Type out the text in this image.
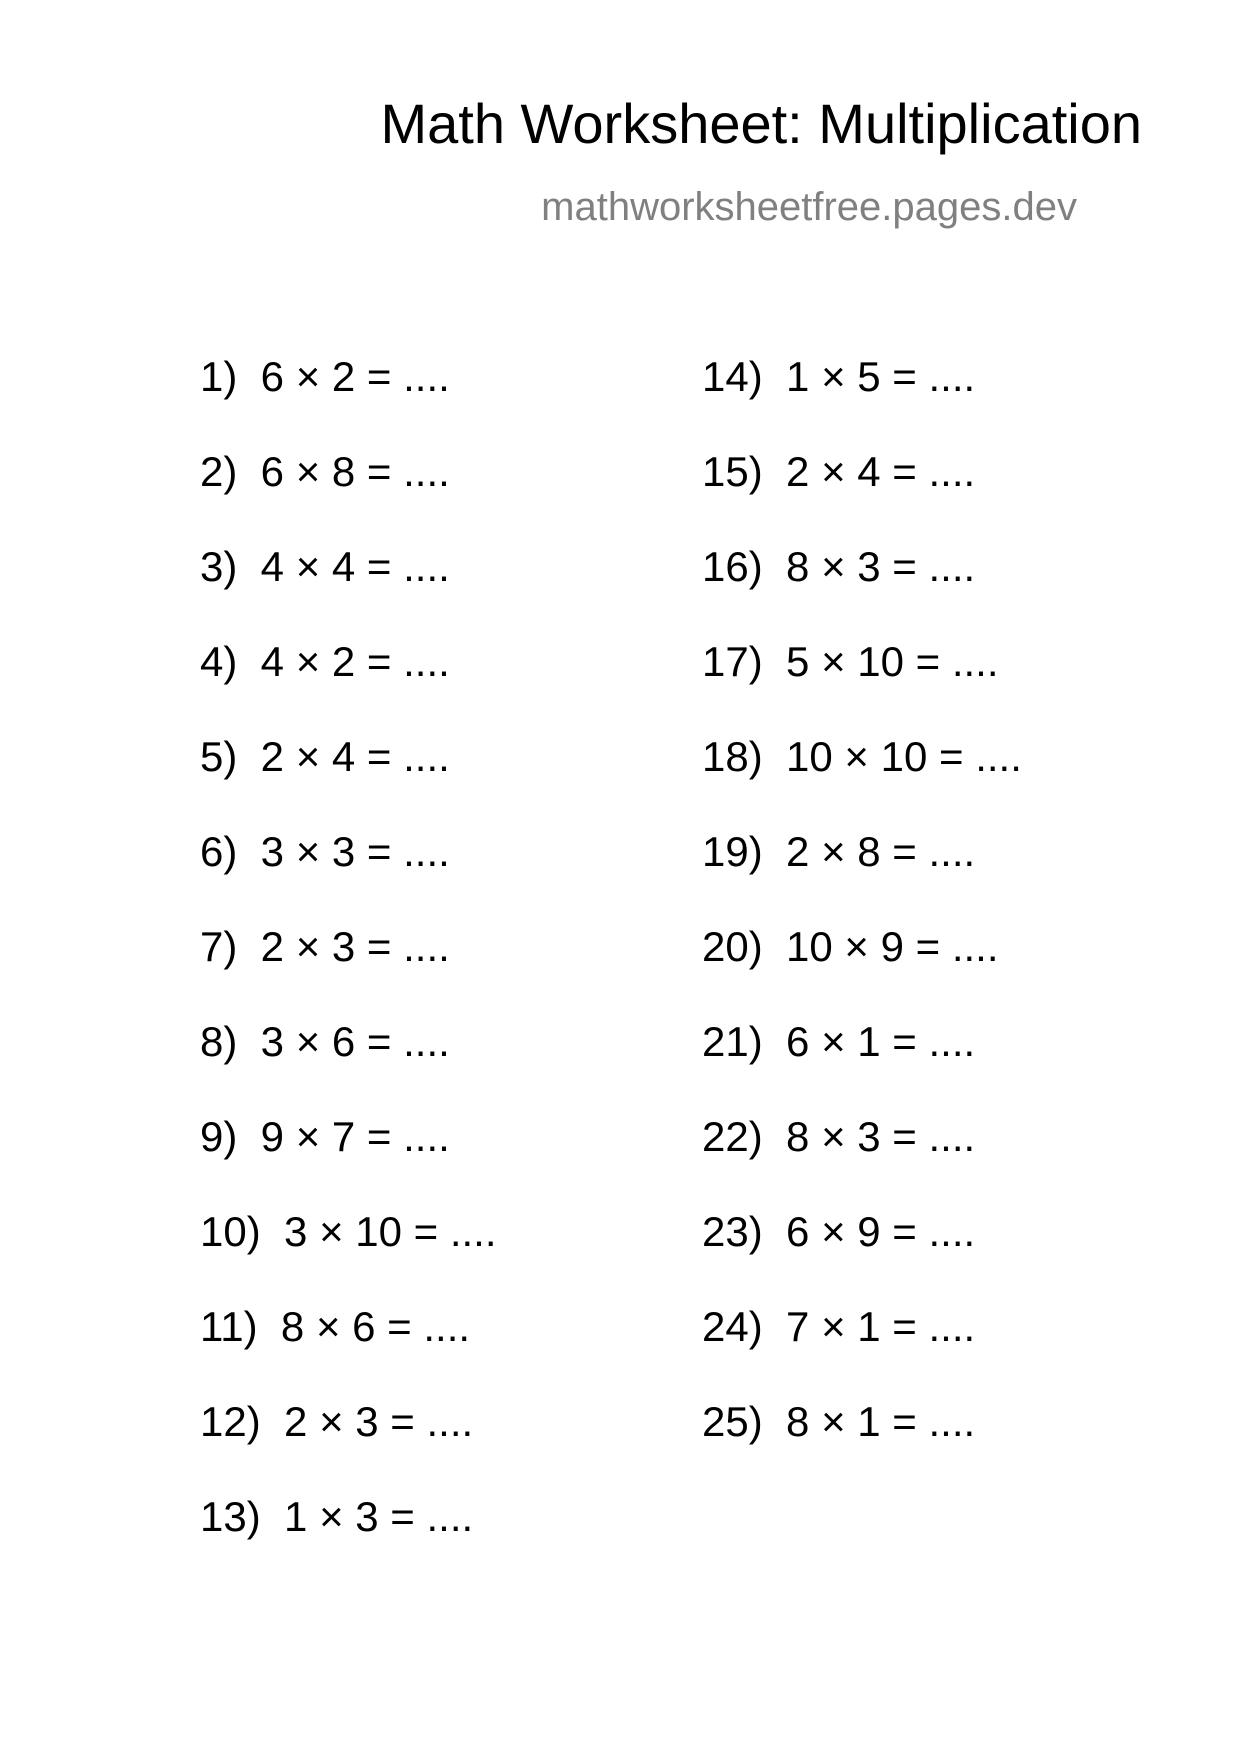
Math Worksheet: Multiplication
mathworksheetfree.pages.dev
1)  6 × 2 = ....
2)  6 × 8 = ....
3)  4 × 4 = ....
4)  4 × 2 = ....
5)  2 × 4 = ....
6)  3 × 3 = ....
7)  2 × 3 = ....
8)  3 × 6 = ....
9)  9 × 7 = ....
10)  3 × 10 = ....
11)  8 × 6 = ....
12)  2 × 3 = ....
13)  1 × 3 = ....
14)  1 × 5 = ....
15)  2 × 4 = ....
16)  8 × 3 = ....
17)  5 × 10 = ....
18)  10 × 10 = ....
19)  2 × 8 = ....
20)  10 × 9 = ....
21)  6 × 1 = ....
22)  8 × 3 = ....
23)  6 × 9 = ....
24)  7 × 1 = ....
25)  8 × 1 = ....
